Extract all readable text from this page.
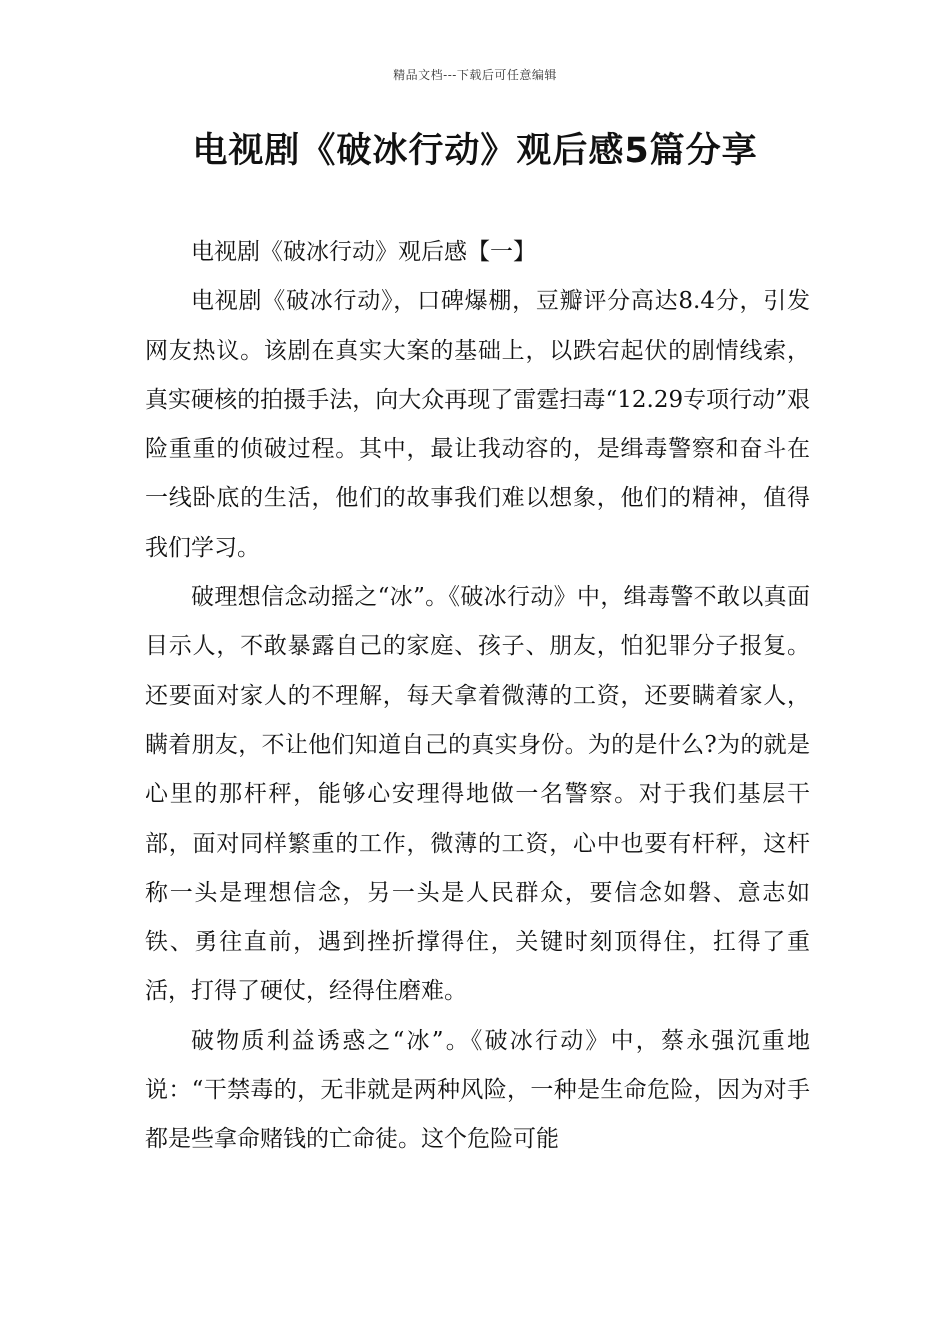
精品文档---下载后可任意编辑
电视剧《破冰行动》观后感5篇分享

电视剧《破冰行动》观后感【一】

电视剧《破冰行动》，口碑爆棚，豆瓣评分高达8.4分，引发网友热议。该剧在真实大案的基础上，以跌宕起伏的剧情线索，真实硬核的拍摄手法，向大众再现了雷霆扫毒“12.29专项行动”艰险重重的侦破过程。其中，最让我动容的，是缉毒警察和奋斗在一线卧底的生活，他们的故事我们难以想象，他们的精神，值得我们学习。

破理想信念动摇之“冰”。《破冰行动》中，缉毒警不敢以真面目示人，不敢暴露自己的家庭、孩子、朋友，怕犯罪分子报复。还要面对家人的不理解，每天拿着微薄的工资，还要瞒着家人，瞒着朋友，不让他们知道自己的真实身份。为的是什么?为的就是心里的那杆秤，能够心安理得地做一名警察。对于我们基层干部，面对同样繁重的工作，微薄的工资，心中也要有杆秤，这杆称一头是理想信念，另一头是人民群众，要信念如磐、意志如铁、勇往直前，遇到挫折撑得住，关键时刻顶得住，扛得了重活，打得了硬仗，经得住磨难。

破物质利益诱惑之“冰”。《破冰行动》中，蔡永强沉重地说：“干禁毒的，无非就是两种风险，一种是生命危险，因为对手都是些拿命赌钱的亡命徒。这个危险可能
